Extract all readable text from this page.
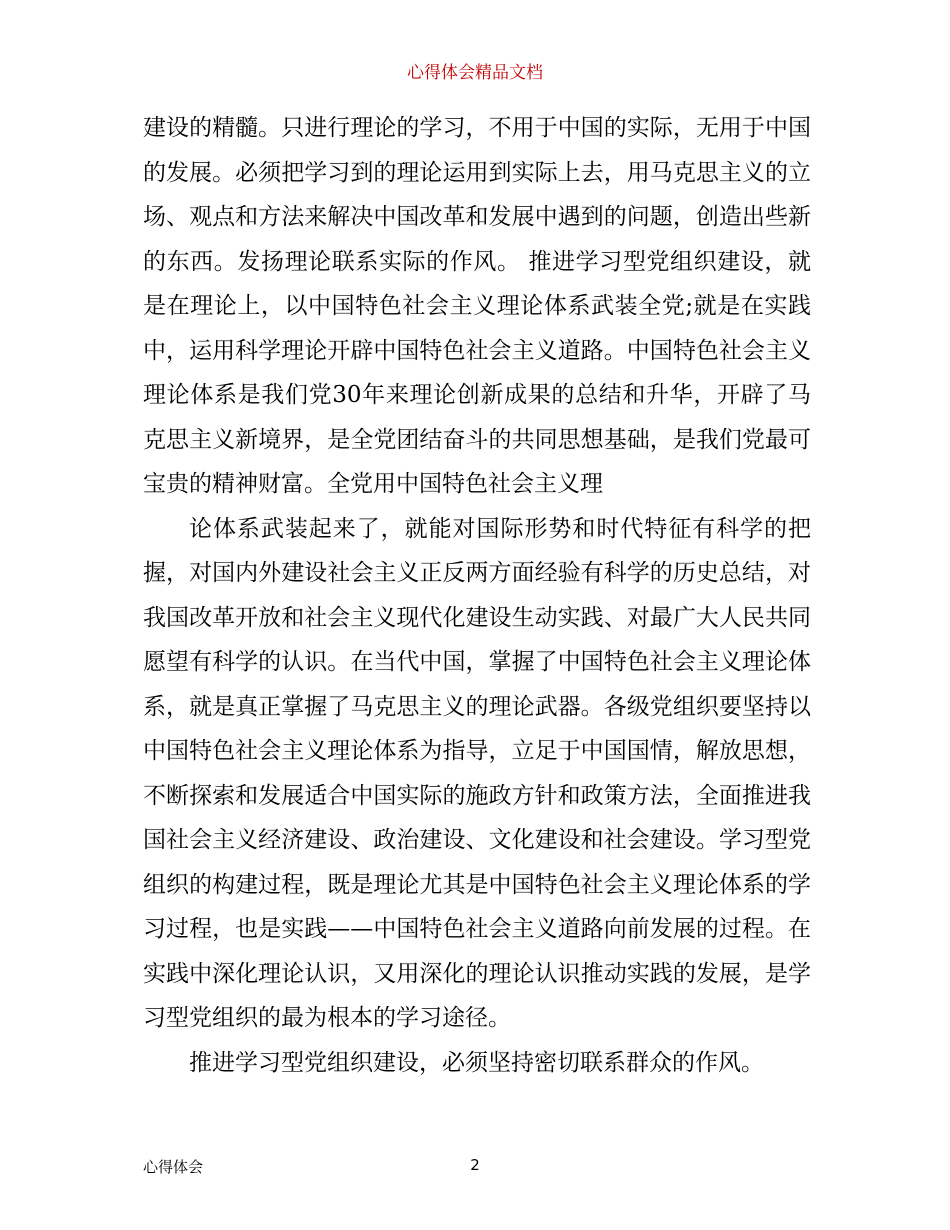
心得体会精品文档

建设的精髓。只进行理论的学习，不用于中国的实际，无用于中国的发展。必须把学习到的理论运用到实际上去，用马克思主义的立场、观点和方法来解决中国改革和发展中遇到的问题，创造出些新的东西。发扬理论联系实际的作风。 推进学习型党组织建设，就是在理论上，以中国特色社会主义理论体系武装全党;就是在实践中，运用科学理论开辟中国特色社会主义道路。中国特色社会主义理论体系是我们党30年来理论创新成果的总结和升华，开辟了马克思主义新境界，是全党团结奋斗的共同思想基础，是我们党最可宝贵的精神财富。全党用中国特色社会主义理

论体系武装起来了，就能对国际形势和时代特征有科学的把握，对国内外建设社会主义正反两方面经验有科学的历史总结，对我国改革开放和社会主义现代化建设生动实践、对最广大人民共同愿望有科学的认识。在当代中国，掌握了中国特色社会主义理论体系，就是真正掌握了马克思主义的理论武器。各级党组织要坚持以中国特色社会主义理论体系为指导，立足于中国国情，解放思想，不断探索和发展适合中国实际的施政方针和政策方法，全面推进我国社会主义经济建设、政治建设、文化建设和社会建设。学习型党组织的构建过程，既是理论尤其是中国特色社会主义理论体系的学习过程，也是实践——中国特色社会主义道路向前发展的过程。在实践中深化理论认识，又用深化的理论认识推动实践的发展，是学习型党组织的最为根本的学习途径。

推进学习型党组织建设，必须坚持密切联系群众的作风。

心得体会	2
